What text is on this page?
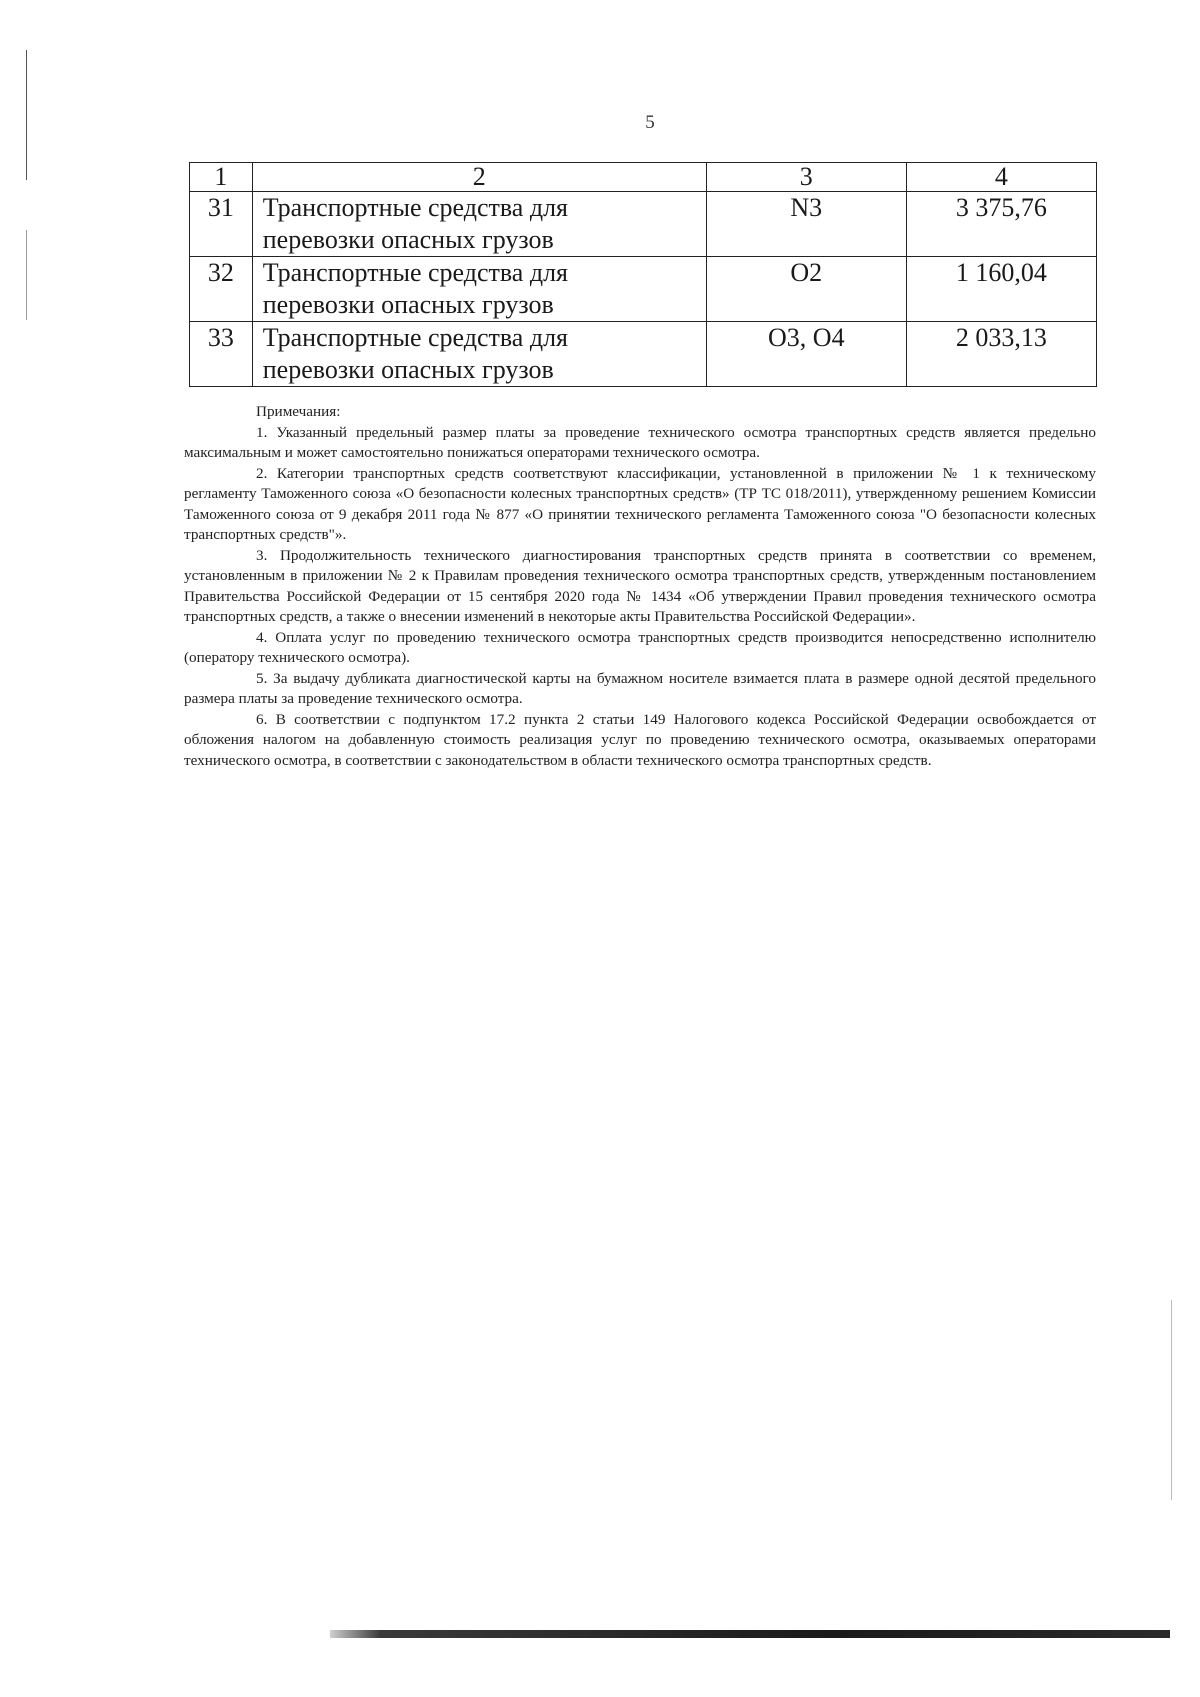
5
1	2	3	4
31	Транспортные средства для
перевозки опасных грузов	N3	3 375,76
32	Транспортные средства для
перевозки опасных грузов	O2	1 160,04
33	Транспортные средства для
перевозки опасных грузов	O3, O4	2 033,13
Примечания:

1. Указанный предельный размер платы за проведение технического осмотра транспортных средств является предельно максимальным и может самостоятельно понижаться операторами технического осмотра.

2. Категории транспортных средств соответствуют классификации, установленной в приложении № 1 к техническому регламенту Таможенного союза «О безопасности колесных транспортных средств» (ТР ТС 018/2011), утвержденному решением Комиссии Таможенного союза от 9 декабря 2011 года № 877 «О принятии технического регламента Таможенного союза "О безопасности колесных транспортных средств"».

3. Продолжительность технического диагностирования транспортных средств принята в соответствии со временем, установленным в приложении № 2 к Правилам проведения технического осмотра транспортных средств, утвержденным постановлением Правительства Российской Федерации от 15 сентября 2020 года № 1434 «Об утверждении Правил проведения технического осмотра транспортных средств, а также о внесении изменений в некоторые акты Правительства Российской Федерации».

4. Оплата услуг по проведению технического осмотра транспортных средств производится непосредственно исполнителю (оператору технического осмотра).

5. За выдачу дубликата диагностической карты на бумажном носителе взимается плата в размере одной десятой предельного размера платы за проведение технического осмотра.

6. В соответствии с подпунктом 17.2 пункта 2 статьи 149 Налогового кодекса Российской Федерации освобождается от обложения налогом на добавленную стоимость реализация услуг по проведению технического осмотра, оказываемых операторами технического осмотра, в соответствии с законодательством в области технического осмотра транспортных средств.
